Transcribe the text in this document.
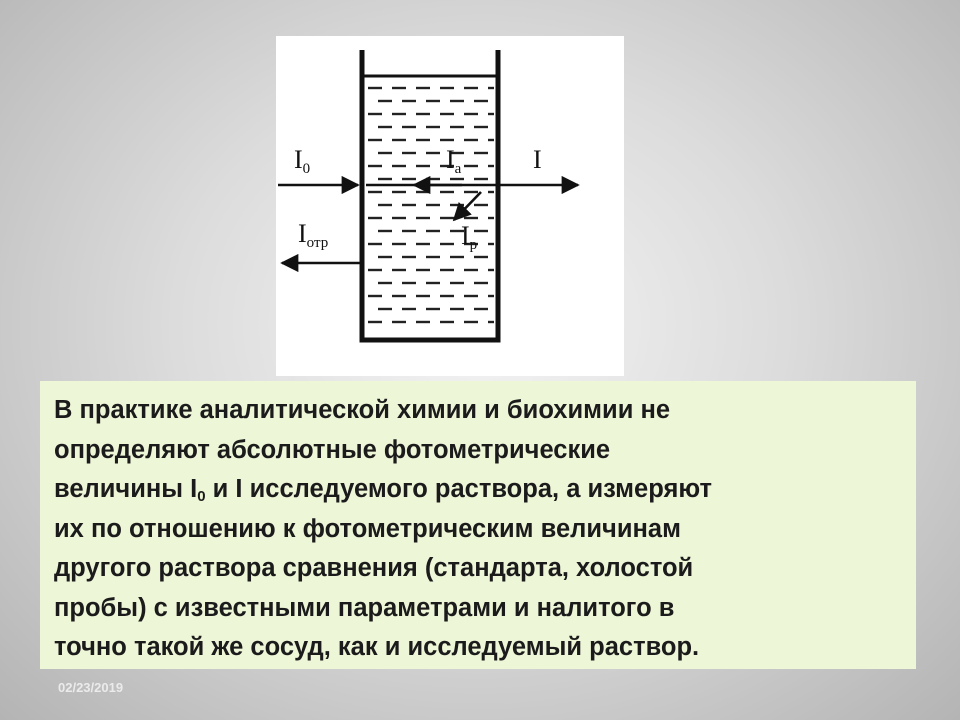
I0	Ia	I
Iотр	Ip
В практике аналитической химии и биохимии не
определяют абсолютные фотометрические
величины $I_0$ и I исследуемого раствора, а измеряют
их по отношению к фотометрическим величинам
другого раствора сравнения (стандарта, холостой
пробы) с известными параметрами и налитого в
точно такой же сосуд, как и исследуемый раствор.
02/23/2019
